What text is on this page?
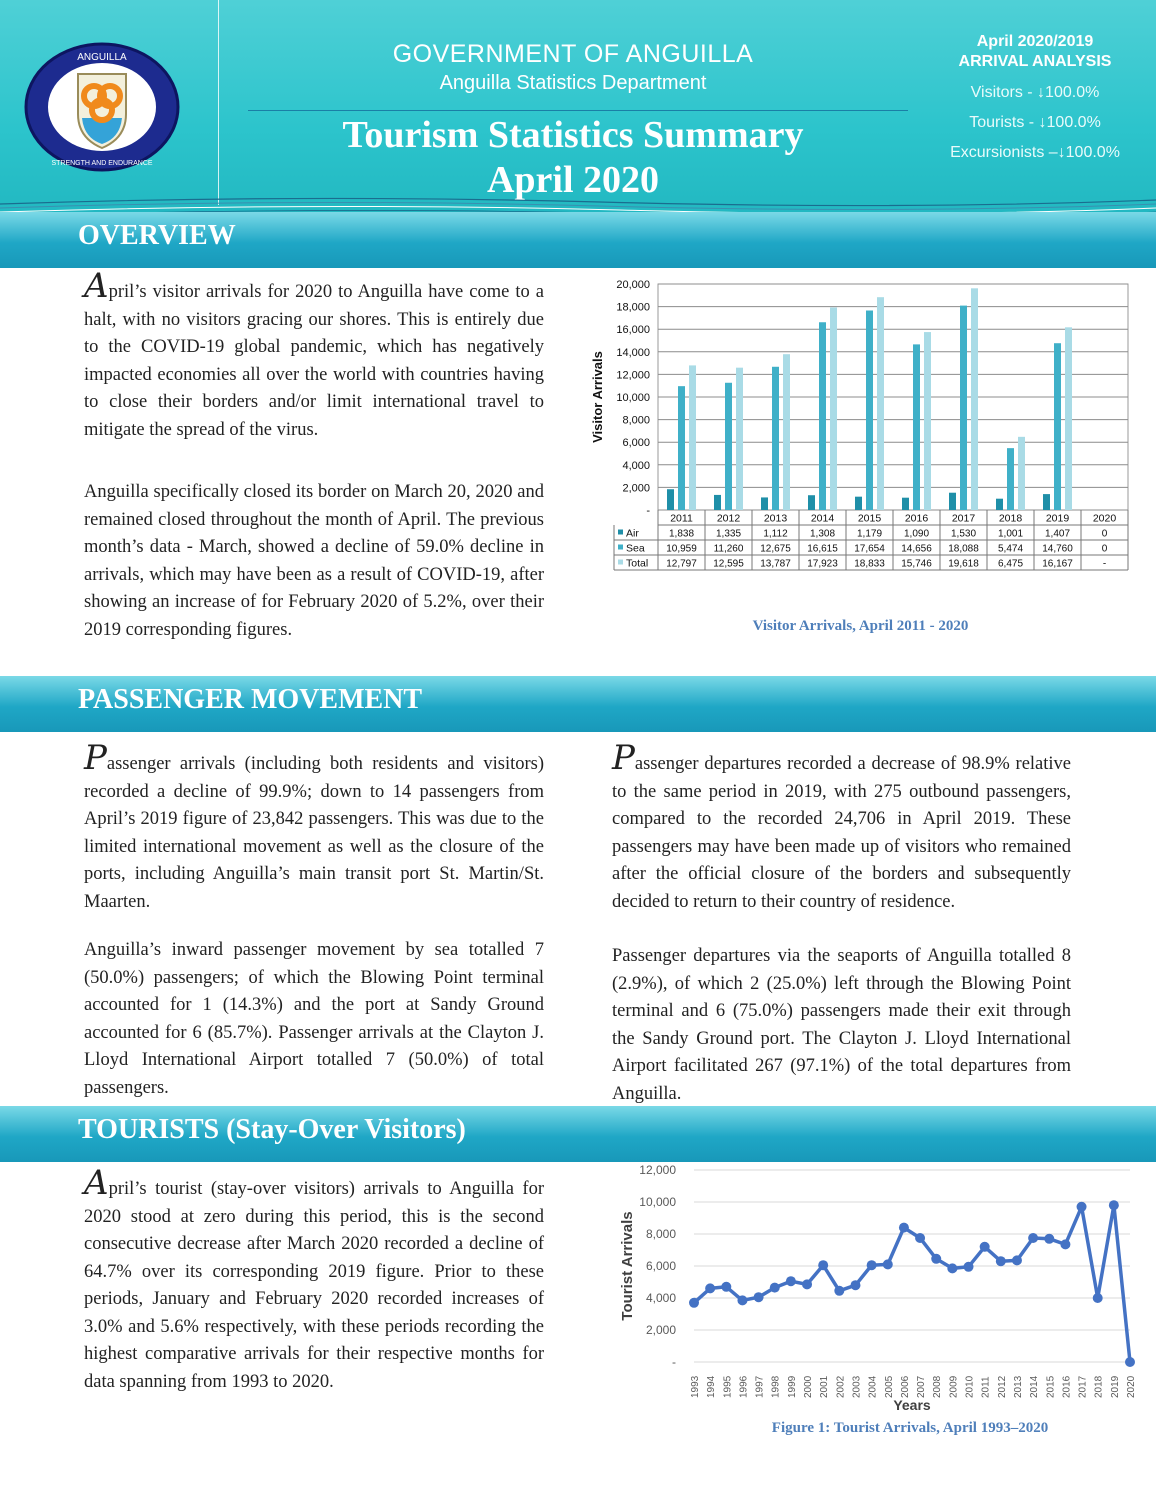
ANGUILLA
STRENGTH AND ENDURANCE
GOVERNMENT OF ANGUILLA
Anguilla Statistics Department
Tourism Statistics Summary
April 2020
April 2020/2019
ARRIVAL ANALYSIS
Visitors - ↓100.0%
Tourists - ↓100.0%
Excursionists –↓100.0%
OVERVIEW
April’s visitor arrivals for 2020 to Anguilla have come to a halt, with no visitors gracing our shores. This is entirely due to the COVID-19 global pandemic, which has negatively impacted economies all over the world with countries having to close their borders and/or limit international travel to mitigate the spread of the virus.
Anguilla specifically closed its border on March 20, 2020 and remained closed throughout the month of April. The previous month’s data - March, showed a decline of 59.0% decline in arrivals, which may have been as a result of COVID-19, after showing an increase of for February 2020 of 5.2%, over their 2019 corresponding figures.
-
2,000
4,000
6,000
8,000
10,000
12,000
14,000
16,000
18,000
20,000
Visitor Arrivals
2011 2012 2013 2014 2015 2016 2017 2018 2019 2020
Air	1,838 1,335 1,112 1,308 1,179 1,090 1,530 1,001 1,407	0
Sea 10,959 11,260 12,675 16,615 17,654 14,656 18,088 5,474 14,760	0
Total 12,797 12,595 13,787 17,923 18,833 15,746 19,618 6,475 16,167	-
Visitor Arrivals, April 2011 - 2020
PASSENGER MOVEMENT
Passenger arrivals (including both residents and visitors) recorded a decline of 99.9%; down to 14 passengers from April’s 2019 figure of 23,842 passengers. This was due to the limited international movement as well as the closure of the ports, including Anguilla’s main transit port St. Martin/St. Maarten.
Anguilla’s inward passenger movement by sea totalled 7 (50.0%) passengers; of which the Blowing Point terminal accounted for 1 (14.3%) and the port at Sandy Ground accounted for 6 (85.7%). Passenger arrivals at the Clayton J. Lloyd International Airport totalled 7 (50.0%) of total passengers.
Passenger departures recorded a decrease of 98.9% relative to the same period in 2019, with 275 outbound passengers, compared to the recorded 24,706 in April 2019. These passengers may have been made up of visitors who remained after the official closure of the borders and subsequently decided to return to their country of residence.
Passenger departures via the seaports of Anguilla totalled 8 (2.9%), of which 2 (25.0%) left through the Blowing Point terminal and 6 (75.0%) passengers made their exit through the Sandy Ground port. The Clayton J. Lloyd International Airport facilitated 267 (97.1%) of the total departures from Anguilla.
TOURISTS (Stay-Over Visitors)
April’s tourist (stay-over visitors) arrivals to Anguilla for 2020 stood at zero during this period, this is the second consecutive decrease after March 2020 recorded a decline of 64.7% over its corresponding 2019 figure. Prior to these periods, January and February 2020 recorded increases of 3.0% and 5.6% respectively, with these periods recording the highest comparative arrivals for their respective months for data spanning from 1993 to 2020.
-
2,000
4,000
6,000
8,000
10,000
12,000
Tourist Arrivals
1993 1994 1995 1996 1997 1998 1999 2000 2001 2002 2003 2004 2005 2006 2007 2008 2009 2010 2011 2012 2013 2014 2015 2016 2017 2018 2019 2020
Years
Figure 1: Tourist Arrivals, April 1993–2020
